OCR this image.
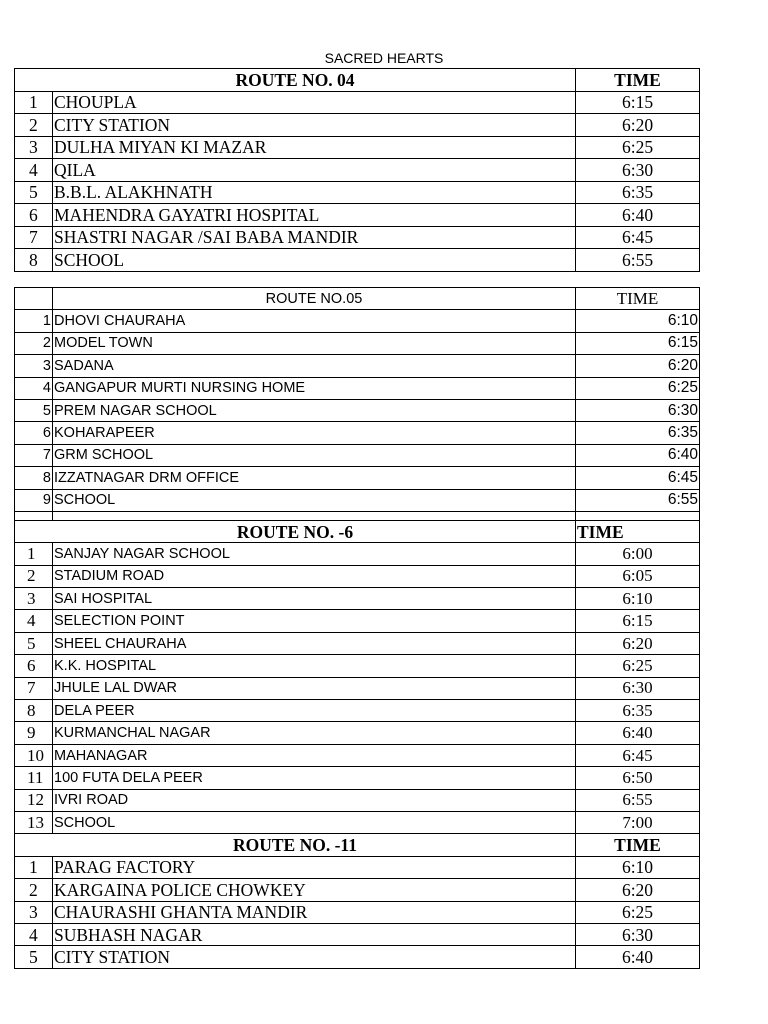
SACRED HEARTS
ROUTE NO. 04		TIME
1	CHOUPLA	6:15
2	CITY STATION	6:20
3	DULHA MIYAN KI MAZAR	6:25
4	QILA	6:30
5	B.B.L. ALAKHNATH	6:35
6	MAHENDRA GAYATRI HOSPITAL	6:40
7	SHASTRI NAGAR /SAI BABA MANDIR	6:45
8	SCHOOL	6:55
	ROUTE NO.05	TIME
1	DHOVI CHAURAHA	6:10
2	MODEL TOWN	6:15
3	SADANA	6:20
4	GANGAPUR MURTI NURSING HOME	6:25
5	PREM NAGAR SCHOOL	6:30
6	KOHARAPEER	6:35
7	GRM SCHOOL	6:40
8	IZZATNAGAR DRM OFFICE	6:45
9	SCHOOL	6:55

ROUTE NO. -6		TIME
1	SANJAY NAGAR SCHOOL	6:00
2	STADIUM ROAD	6:05
3	SAI HOSPITAL	6:10
4	SELECTION POINT	6:15
5	SHEEL CHAURAHA	6:20
6	K.K. HOSPITAL	6:25
7	JHULE LAL DWAR	6:30
8	DELA PEER	6:35
9	KURMANCHAL NAGAR	6:40
10	MAHANAGAR	6:45
11	100 FUTA DELA PEER	6:50
12	IVRI ROAD	6:55
13	SCHOOL	7:00
ROUTE NO. -11		TIME
1	PARAG FACTORY	6:10
2	KARGAINA POLICE CHOWKEY	6:20
3	CHAURASHI GHANTA MANDIR	6:25
4	SUBHASH NAGAR	6:30
5	CITY STATION	6:40
